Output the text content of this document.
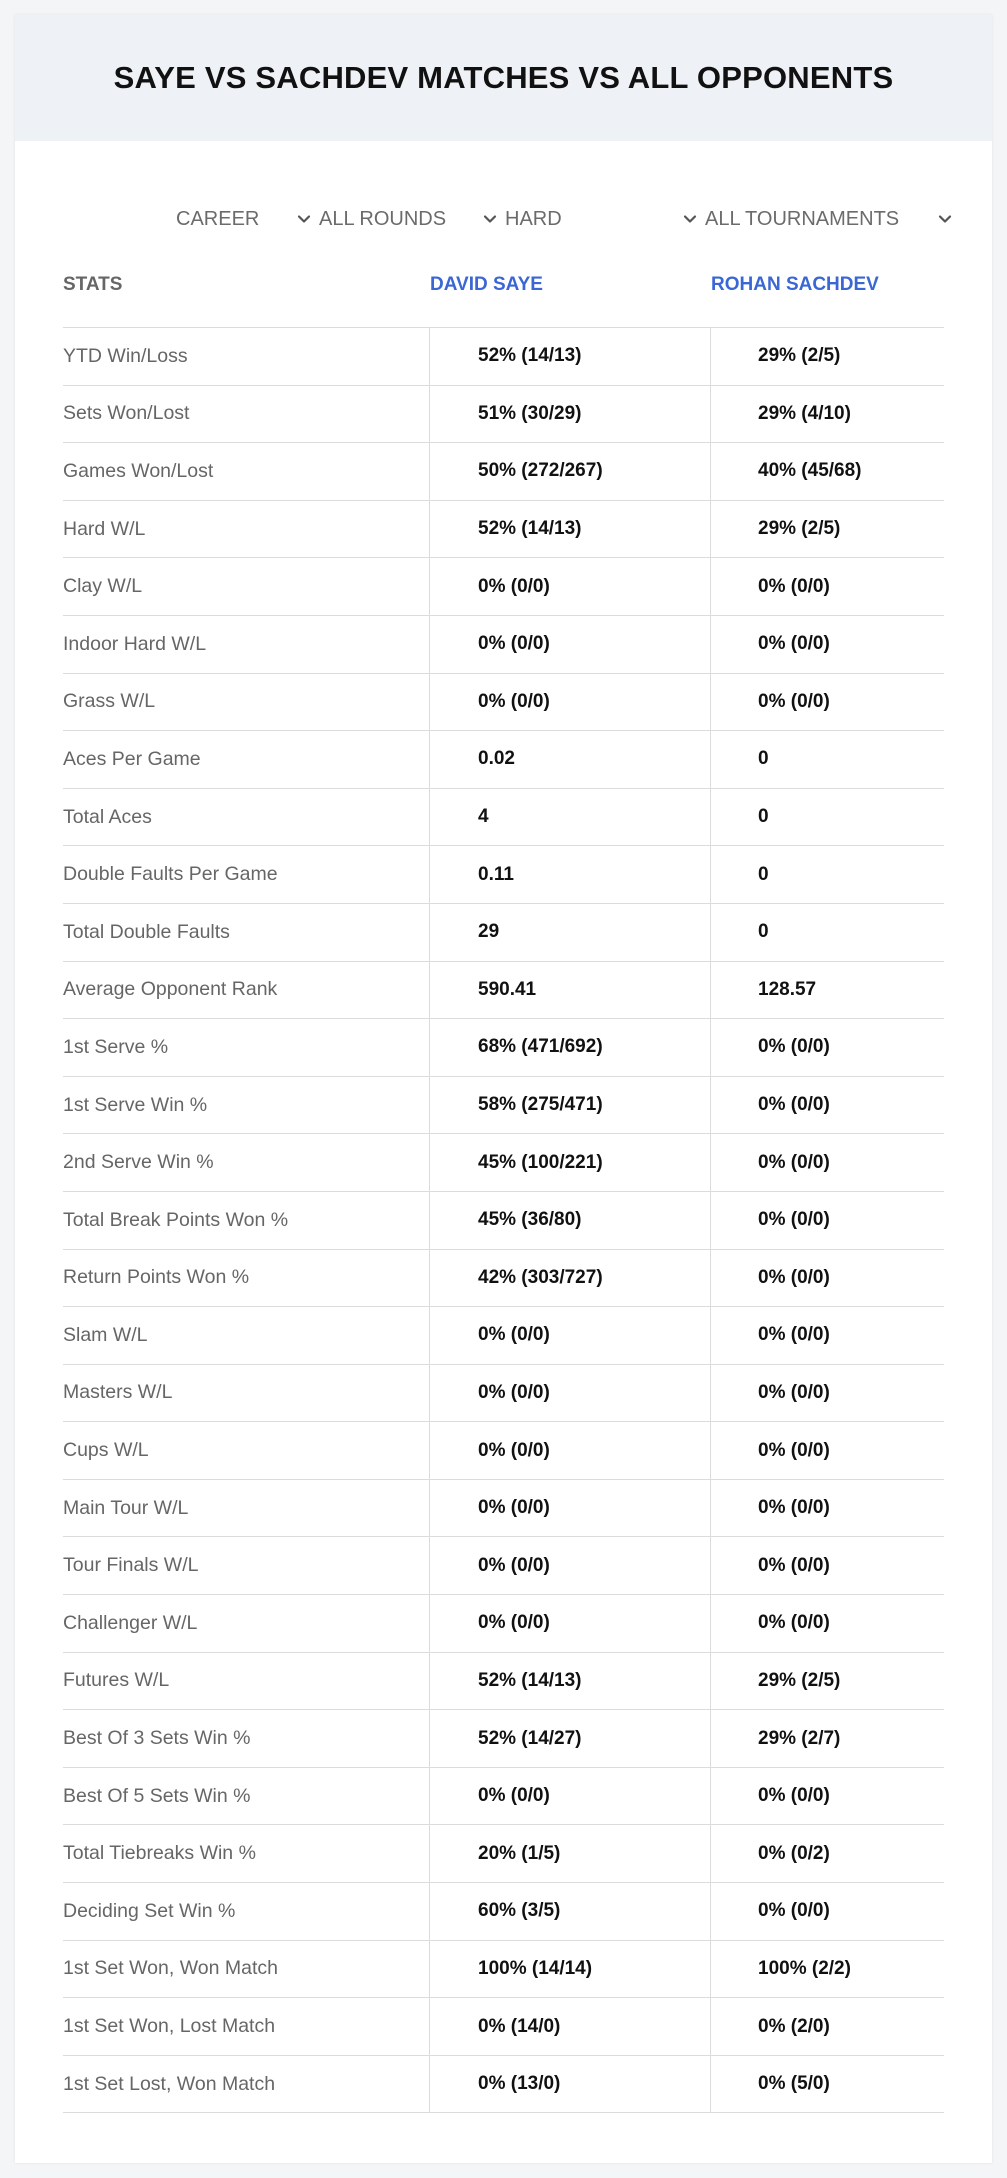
SAYE VS SACHDEV MATCHES VS ALL OPPONENTS
CAREER	ALL ROUNDS	HARD	ALL TOURNAMENTS
STATS	DAVID SAYE	ROHAN SACHDEV
YTD Win/Loss	52% (14/13)	29% (2/5)
Sets Won/Lost	51% (30/29)	29% (4/10)
Games Won/Lost	50% (272/267)	40% (45/68)
Hard W/L	52% (14/13)	29% (2/5)
Clay W/L	0% (0/0)	0% (0/0)
Indoor Hard W/L	0% (0/0)	0% (0/0)
Grass W/L	0% (0/0)	0% (0/0)
Aces Per Game	0.02	0
Total Aces	4	0
Double Faults Per Game	0.11	0
Total Double Faults	29	0
Average Opponent Rank	590.41	128.57
1st Serve %	68% (471/692)	0% (0/0)
1st Serve Win %	58% (275/471)	0% (0/0)
2nd Serve Win %	45% (100/221)	0% (0/0)
Total Break Points Won %	45% (36/80)	0% (0/0)
Return Points Won %	42% (303/727)	0% (0/0)
Slam W/L	0% (0/0)	0% (0/0)
Masters W/L	0% (0/0)	0% (0/0)
Cups W/L	0% (0/0)	0% (0/0)
Main Tour W/L	0% (0/0)	0% (0/0)
Tour Finals W/L	0% (0/0)	0% (0/0)
Challenger W/L	0% (0/0)	0% (0/0)
Futures W/L	52% (14/13)	29% (2/5)
Best Of 3 Sets Win %	52% (14/27)	29% (2/7)
Best Of 5 Sets Win %	0% (0/0)	0% (0/0)
Total Tiebreaks Win %	20% (1/5)	0% (0/2)
Deciding Set Win %	60% (3/5)	0% (0/0)
1st Set Won, Won Match	100% (14/14)	100% (2/2)
1st Set Won, Lost Match	0% (14/0)	0% (2/0)
1st Set Lost, Won Match	0% (13/0)	0% (5/0)
